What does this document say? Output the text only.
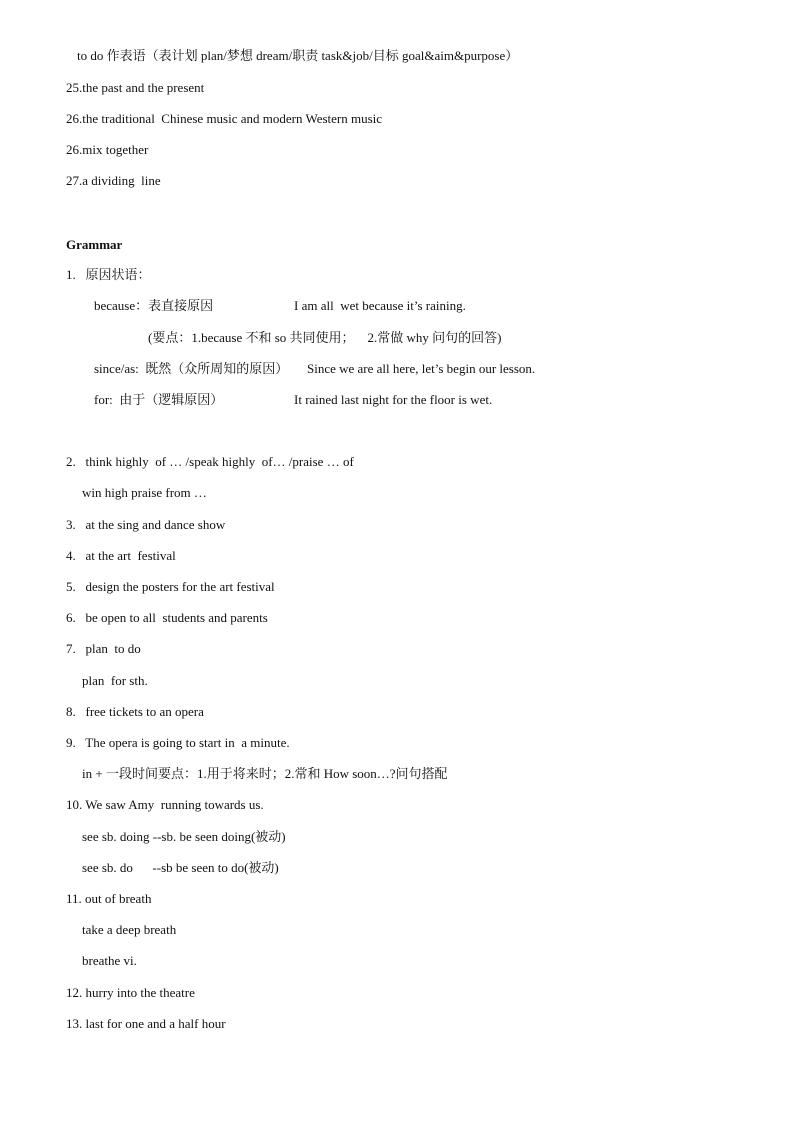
to do 作表语（表计划 plan/梦想 dream/职责 task&job/目标 goal&aim&purpose）
25.the past and the present
26.the traditional  Chinese music and modern Western music
26.mix together
27.a dividing  line
Grammar
1.   原因状语：
because：表直接原因	I am all  wet because it’s raining.
(要点：1.because 不和 so 共同使用；    2.常做 why 问句的回答)
since/as:  既然（众所周知的原因） Since we are all here, let’s begin our lesson.
for:  由于（逻辑原因）	It rained last night for the floor is wet.
2.   think highly  of … /speak highly  of… /praise … of
win high praise from …
3.   at the sing and dance show
4.   at the art  festival
5.   design the posters for the art festival
6.   be open to all  students and parents
7.   plan  to do
plan  for sth.
8.   free tickets to an opera
9.   The opera is going to start in  a minute.
in + 一段时间要点：1.用于将来时；2.常和 How soon…?问句搭配
10. We saw Amy  running towards us.
see sb. doing --sb. be seen doing(被动)
see sb. do      --sb be seen to do(被动)
11. out of breath
take a deep breath
breathe vi.
12. hurry into the theatre
13. last for one and a half hour
